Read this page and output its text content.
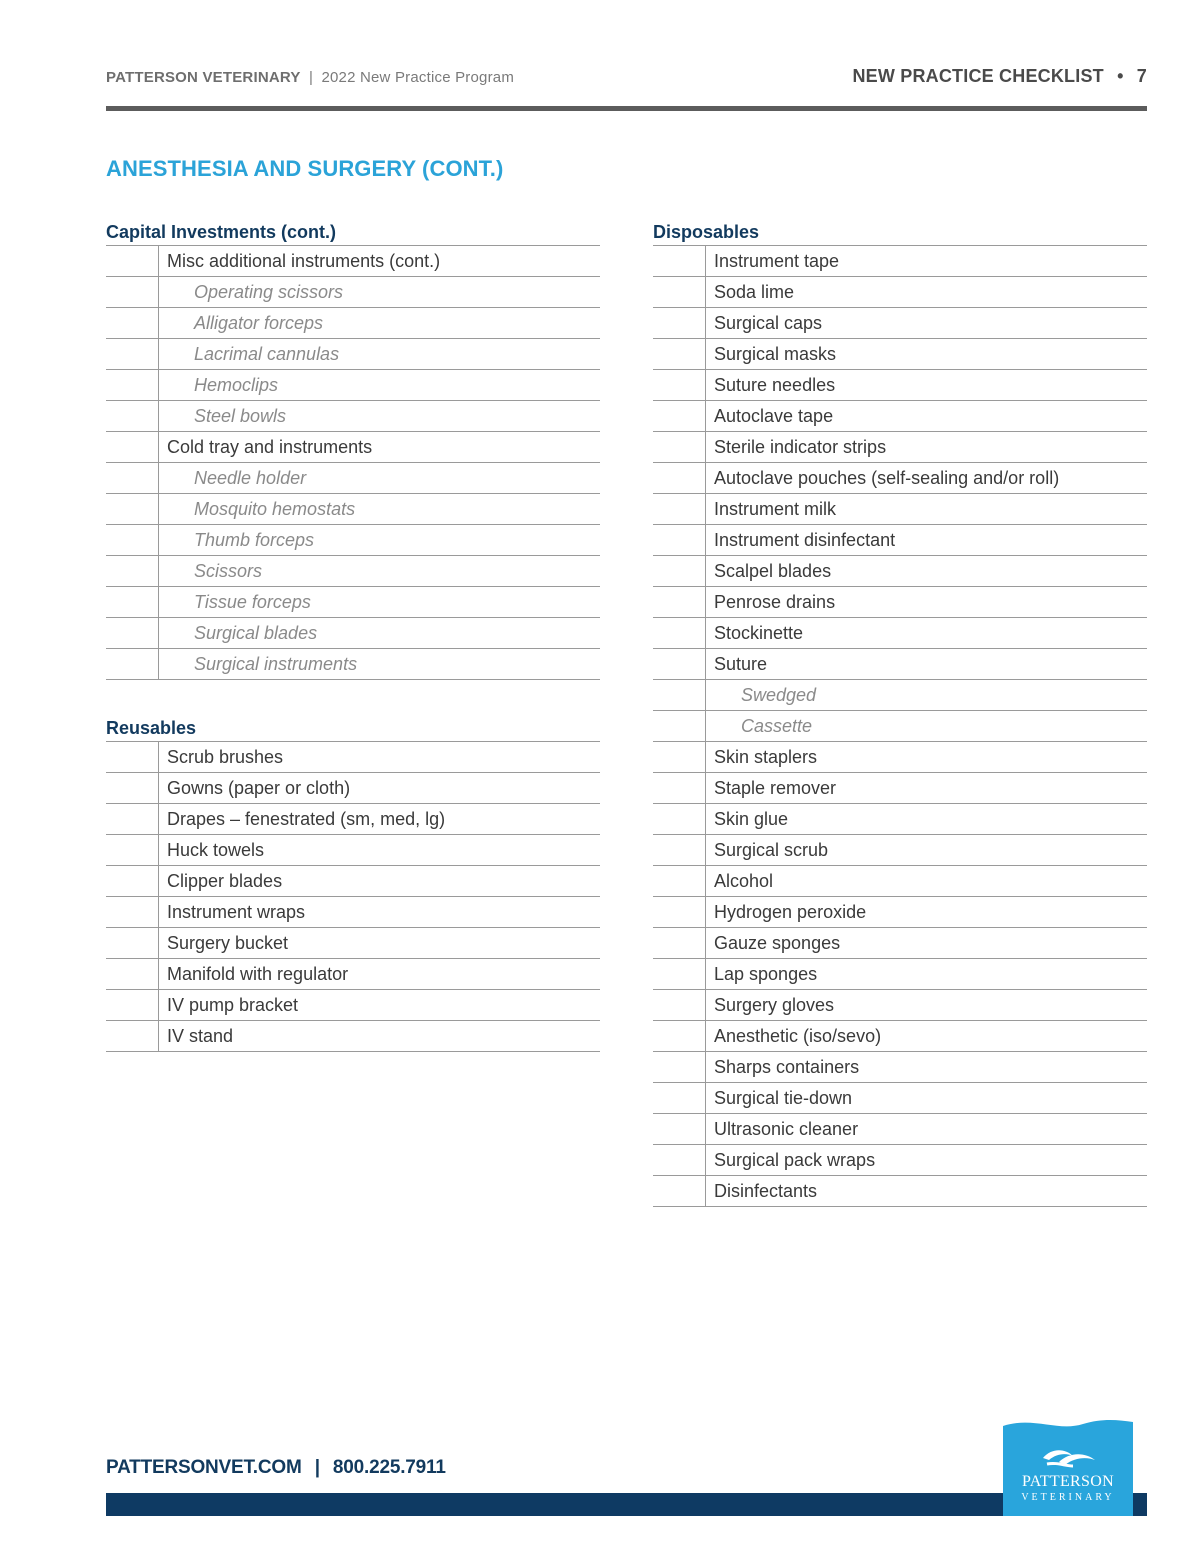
PATTERSON VETERINARY | 2022 New Practice Program	NEW PRACTICE CHECKLIST • 7
ANESTHESIA AND SURGERY (CONT.)
Capital Investments (cont.)
Misc additional instruments (cont.)
Operating scissors
Alligator forceps
Lacrimal cannulas
Hemoclips
Steel bowls
Cold tray and instruments
Needle holder
Mosquito hemostats
Thumb forceps
Scissors
Tissue forceps
Surgical blades
Surgical instruments
Reusables
Scrub brushes
Gowns (paper or cloth)
Drapes – fenestrated (sm, med, lg)
Huck towels
Clipper blades
Instrument wraps
Surgery bucket
Manifold with regulator
IV pump bracket
IV stand
Disposables
Instrument tape
Soda lime
Surgical caps
Surgical masks
Suture needles
Autoclave tape
Sterile indicator strips
Autoclave pouches (self-sealing and/or roll)
Instrument milk
Instrument disinfectant
Scalpel blades
Penrose drains
Stockinette
Suture
Swedged
Cassette
Skin staplers
Staple remover
Skin glue
Surgical scrub
Alcohol
Hydrogen peroxide
Gauze sponges
Lap sponges
Surgery gloves
Anesthetic (iso/sevo)
Sharps containers
Surgical tie-down
Ultrasonic cleaner
Surgical pack wraps
Disinfectants
PATTERSONVET.COM | 800.225.7911
PATTERSON
VETERINARY
